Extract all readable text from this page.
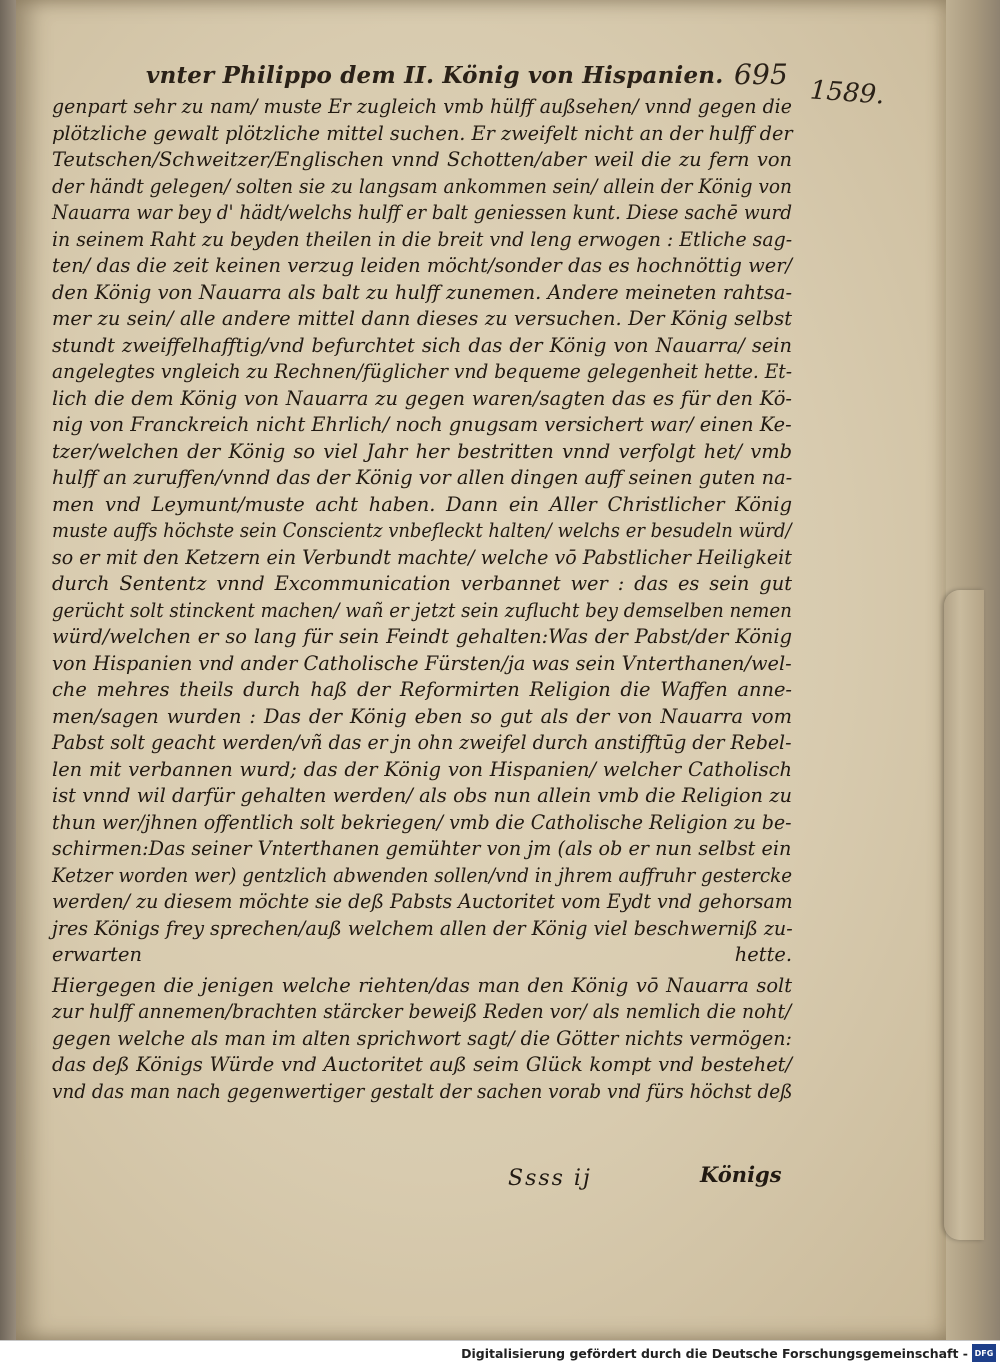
vnter Philippo dem II. König von Hispanien. 695
1589.
genpart sehr zu nam/ muste Er zugleich vmb hülff außsehen/ vnnd gegen die
plötzliche gewalt plötzliche mittel suchen. Er zweifelt nicht an der hulff der
Teutschen/Schweitzer/Englischen vnnd Schotten/aber weil die zu fern von
der händt gelegen/ solten sie zu langsam ankommen sein/ allein der König von
Nauarra war bey d' hädt/welchs hulff er balt geniessen kunt. Diese sachē wurd
in seinem Raht zu beyden theilen in die breit vnd leng erwogen : Etliche sag-
ten/ das die zeit keinen verzug leiden möcht/sonder das es hochnöttig wer/
den König von Nauarra als balt zu hulff zunemen. Andere meineten rahtsa-
mer zu sein/ alle andere mittel dann dieses zu versuchen. Der König selbst
stundt zweiffelhafftig/vnd befurchtet sich das der König von Nauarra/ sein
angelegtes vngleich zu Rechnen/füglicher vnd bequeme gelegenheit hette. Et-
lich die dem König von Nauarra zu gegen waren/sagten das es für den Kö-
nig von Franckreich nicht Ehrlich/ noch gnugsam versichert war/ einen Ke-
tzer/welchen der König so viel Jahr her bestritten vnnd verfolgt het/ vmb
hulff an zuruffen/vnnd das der König vor allen dingen auff seinen guten na-
men vnd Leymunt/muste acht haben. Dann ein Aller Christlicher König
muste auffs höchste sein Conscientz vnbefleckt halten/ welchs er besudeln würd/
so er mit den Ketzern ein Verbundt machte/ welche vō Pabstlicher Heiligkeit
durch Sententz vnnd Excommunication verbannet wer : das es sein gut
gerücht solt stinckent machen/ wañ er jetzt sein zuflucht bey demselben nemen
würd/welchen er so lang für sein Feindt gehalten:Was der Pabst/der König
von Hispanien vnd ander Catholische Fürsten/ja was sein Vnterthanen/wel-
che mehres theils durch haß der Reformirten Religion die Waffen anne-
men/sagen wurden : Das der König eben so gut als der von Nauarra vom
Pabst solt geacht werden/vñ das er jn ohn zweifel durch anstifftūg der Rebel-
len mit verbannen wurd; das der König von Hispanien/ welcher Catholisch
ist vnnd wil darfür gehalten werden/ als obs nun allein vmb die Religion zu
thun wer/jhnen offentlich solt bekriegen/ vmb die Catholische Religion zu be-
schirmen:Das seiner Vnterthanen gemühter von jm (als ob er nun selbst ein
Ketzer worden wer) gentzlich abwenden sollen/vnd in jhrem auffruhr gestercke
werden/ zu diesem möchte sie deß Pabsts Auctoritet vom Eydt vnd gehorsam
jres Königs frey sprechen/auß welchem allen der König viel beschwerniß zu-
erwarten hette.
Hiergegen die jenigen welche riehten/das man den König vō Nauarra solt
zur hulff annemen/brachten stärcker beweiß Reden vor/ als nemlich die noht/
gegen welche als man im alten sprichwort sagt/ die Götter nichts vermögen:
das deß Königs Würde vnd Auctoritet auß seim Glück kompt vnd bestehet/
vnd das man nach gegenwertiger gestalt der sachen vorab vnd fürs höchst deß
Ssss ij	Königs
Digitalisierung gefördert durch die Deutsche Forschungsgemeinschaft - DFG
